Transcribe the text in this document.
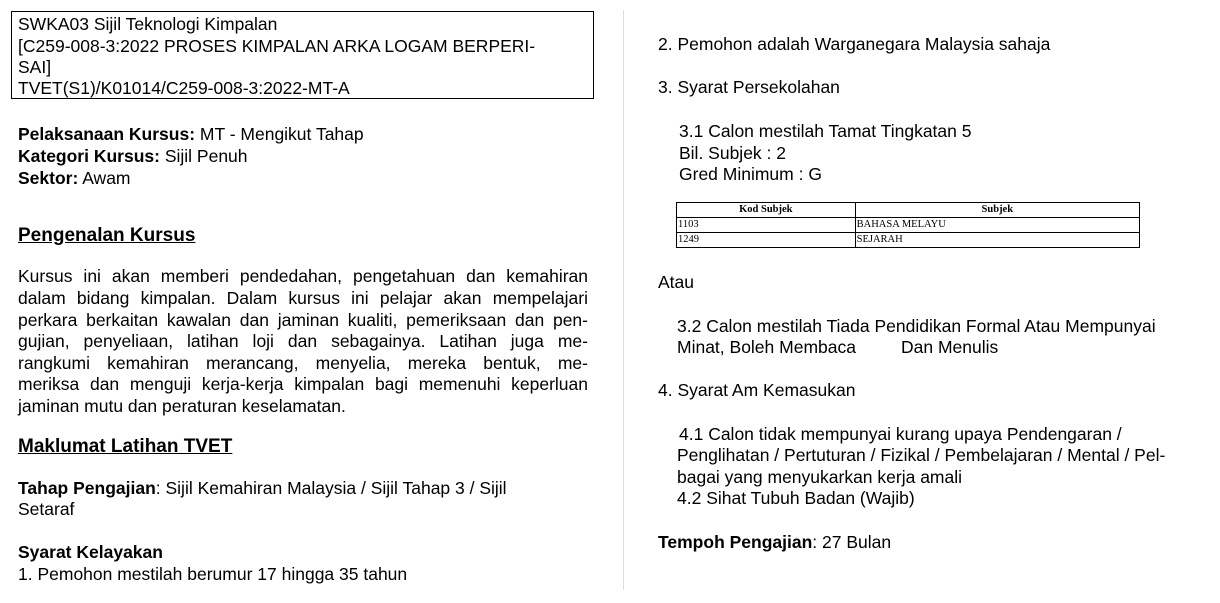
SWKA03 Sijil Teknologi Kimpalan
[C259-008-3:2022 PROSES KIMPALAN ARKA LOGAM BERPERI-
SAI]
TVET(S1)/K01014/C259-008-3:2022-MT-A
Pelaksanaan Kursus: MT - Mengikut Tahap
Kategori Kursus: Sijil Penuh
Sektor: Awam
Pengenalan Kursus
Kursus ini akan memberi pendedahan, pengetahuan dan kemahiran
dalam bidang kimpalan. Dalam kursus ini pelajar akan mempelajari
perkara berkaitan kawalan dan jaminan kualiti, pemeriksaan dan pen-
gujian, penyeliaan, latihan loji dan sebagainya. Latihan juga me-
rangkumi kemahiran merancang, menyelia, mereka bentuk, me-
meriksa dan menguji kerja-kerja kimpalan bagi memenuhi keperluan
jaminan mutu dan peraturan keselamatan.
Maklumat Latihan TVET
Tahap Pengajian: Sijil Kemahiran Malaysia / Sijil Tahap 3 / Sijil
Setaraf
Syarat Kelayakan
1. Pemohon mestilah berumur 17 hingga 35 tahun
2. Pemohon adalah Warganegara Malaysia sahaja
3. Syarat Persekolahan
3.1 Calon mestilah Tamat Tingkatan 5
Bil. Subjek : 2
Gred Minimum : G
Kod Subjek	Subjek
1103	BAHASA MELAYU
1249	SEJARAH
Atau
3.2 Calon mestilah Tiada Pendidikan Formal Atau Mempunyai
Minat, Boleh Membaca	Dan Menulis
4. Syarat Am Kemasukan
4.1 Calon tidak mempunyai kurang upaya Pendengaran /
Penglihatan / Pertuturan / Fizikal / Pembelajaran / Mental / Pel-
bagai yang menyukarkan kerja amali
4.2 Sihat Tubuh Badan (Wajib)
Tempoh Pengajian: 27 Bulan
